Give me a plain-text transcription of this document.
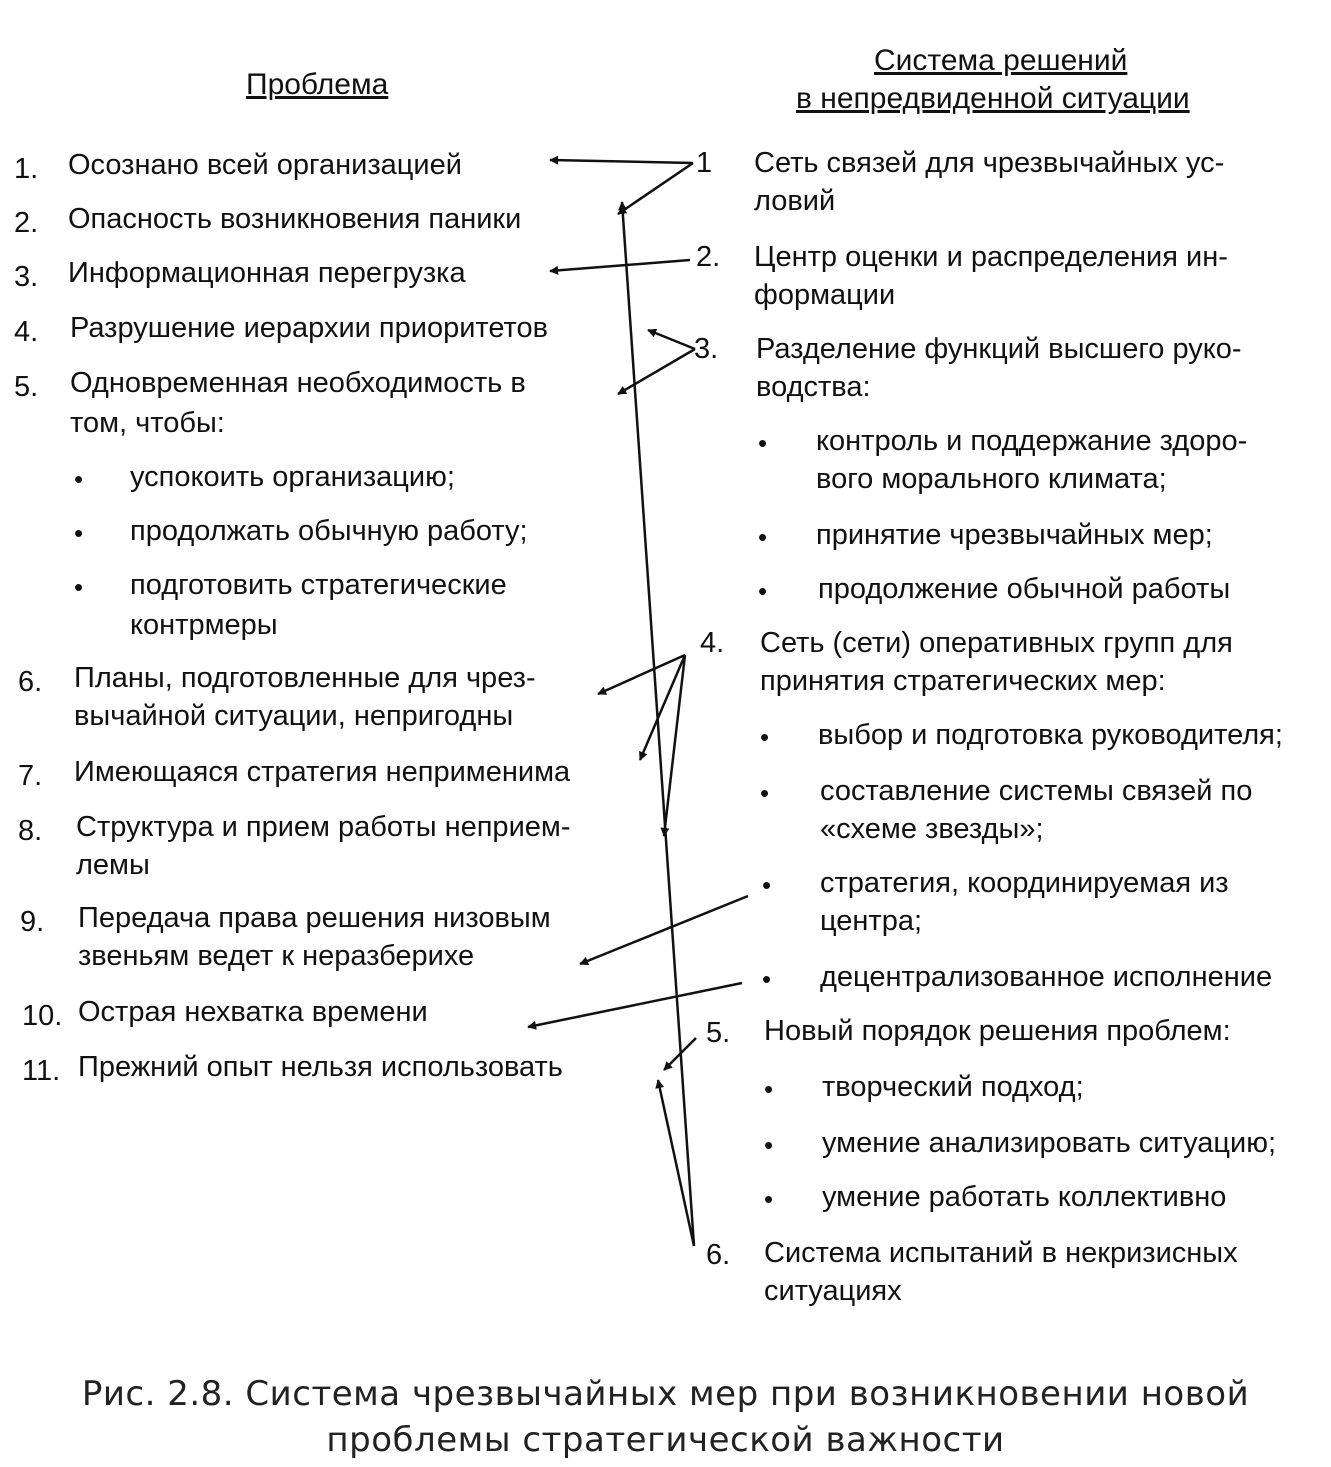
Проблема
Система решений
в непредвиденной ситуации
1. Осознано всей организацией
2. Опасность возникновения паники
3. Информационная перегрузка
4. Разрушение иерархии приоритетов
5. Одновременная необходимость в
том, чтобы:
• успокоить организацию;
• продолжать обычную работу;
• подготовить стратегические
контрмеры
6. Планы, подготовленные для чрез-
вычайной ситуации, непригодны
7. Имеющаяся стратегия неприменима
8. Структура и прием работы неприем-
лемы
9. Передача права решения низовым
звеньям ведет к неразберихе
10. Острая нехватка времени
11. Прежний опыт нельзя использовать
1 Сеть связей для чрезвычайных ус-
ловий
2. Центр оценки и распределения ин-
формации
3. Разделение функций высшего руко-
водства:
• контроль и поддержание здоро-
вого морального климата;
• принятие чрезвычайных мер;
• продолжение обычной работы
4. Сеть (сети) оперативных групп для
принятия стратегических мер:
• выбор и подготовка руководителя;
• составление системы связей по
«схеме звезды»;
• стратегия, координируемая из
центра;
• децентрализованное исполнение
5. Новый порядок решения проблем:
• творческий подход;
• умение анализировать ситуацию;
• умение работать коллективно
6. Система испытаний в некризисных
ситуациях
Рис. 2.8. Система чрезвычайных мер при возникновении новой
проблемы стратегической важности
